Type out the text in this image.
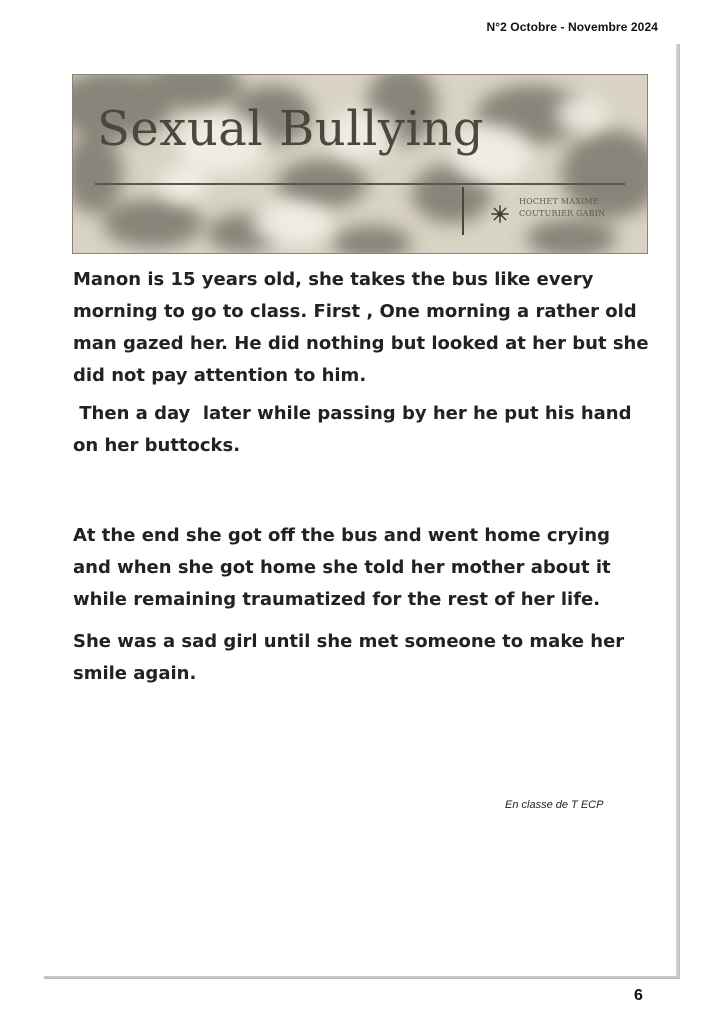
N°2 Octobre - Novembre 2024
Sexual Bullying
HOCHET MAXIME
COUTURIER GABIN

Manon is 15 years old, she takes the bus like every morning to go to class. First , One morning a rather old man gazed her. He did nothing but looked at her but she did not pay attention to him.

Then a day  later while passing by her he put his hand on her buttocks.

At the end she got off the bus and went home crying and when she got home she told her mother about it while remaining traumatized for the rest of her life.

She was a sad girl until she met someone to make her smile again.

En classe de T ECP
6
